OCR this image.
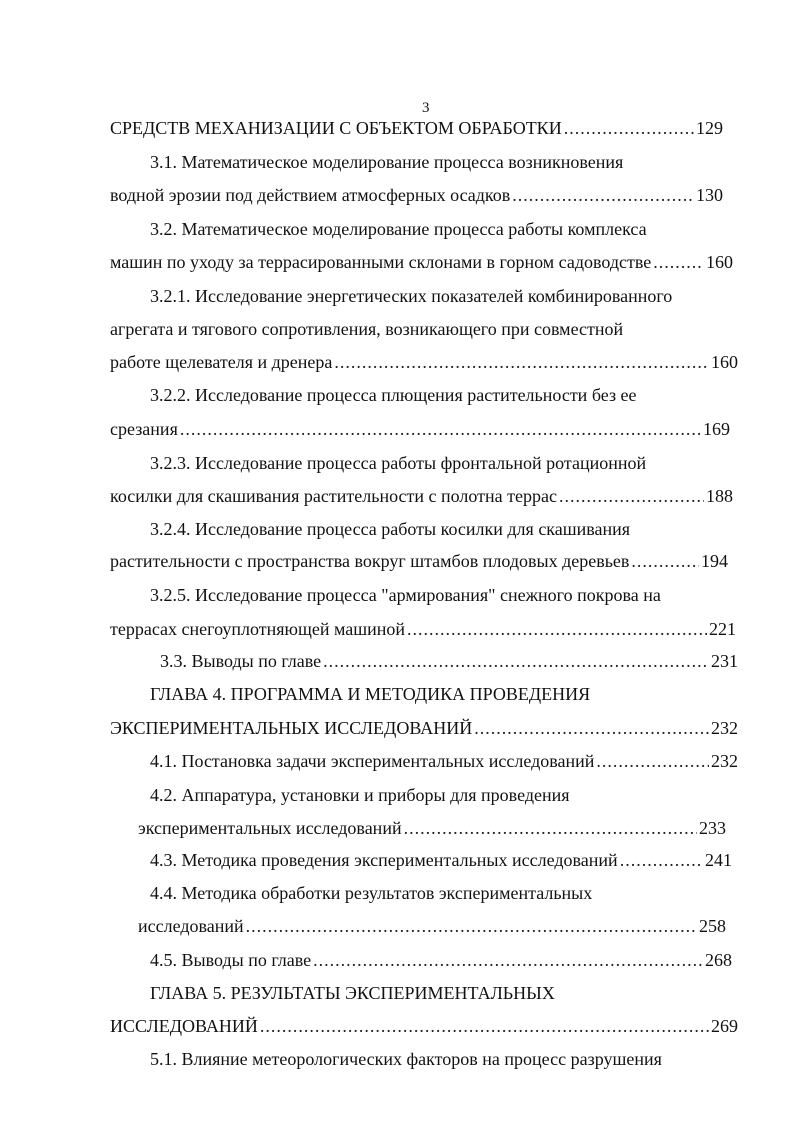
3
СРЕДСТВ МЕХАНИЗАЦИИ С ОБЪЕКТОМ ОБРАБОТКИ .....	129
3.1. Математическое моделирование процесса возникновения
водной эрозии под действием атмосферных осадков .....	130
3.2. Математическое моделирование процесса работы комплекса
машин по уходу за террасированными склонами в горном садоводстве .....	160
3.2.1. Исследование энергетических показателей комбинированного
агрегата и тягового сопротивления, возникающего при совместной
работе щелевателя и дренера .....	160
3.2.2. Исследование процесса плющения растительности без ее
срезания .....	169
3.2.3. Исследование процесса работы фронтальной ротационной
косилки для скашивания растительности с полотна террас .....	188
3.2.4. Исследование процесса работы косилки для скашивания
растительности с пространства вокруг штамбов плодовых деревьев .....	194
3.2.5. Исследование процесса "армирования" снежного покрова на
террасах снегоуплотняющей машиной .....	221
3.3. Выводы по главе .....	231
ГЛАВА 4. ПРОГРАММА И МЕТОДИКА ПРОВЕДЕНИЯ
ЭКСПЕРИМЕНТАЛЬНЫХ ИССЛЕДОВАНИЙ .....	232
4.1. Постановка задачи экспериментальных исследований .....	232
4.2. Аппаратура, установки и приборы для проведения
экспериментальных исследований .....	233
4.3. Методика проведения экспериментальных исследований .....	241
4.4. Методика обработки результатов экспериментальных
исследований .....	258
4.5. Выводы по главе .....	268
ГЛАВА 5. РЕЗУЛЬТАТЫ ЭКСПЕРИМЕНТАЛЬНЫХ
ИССЛЕДОВАНИЙ .....	269
5.1. Влияние метеорологических факторов на процесс разрушения
